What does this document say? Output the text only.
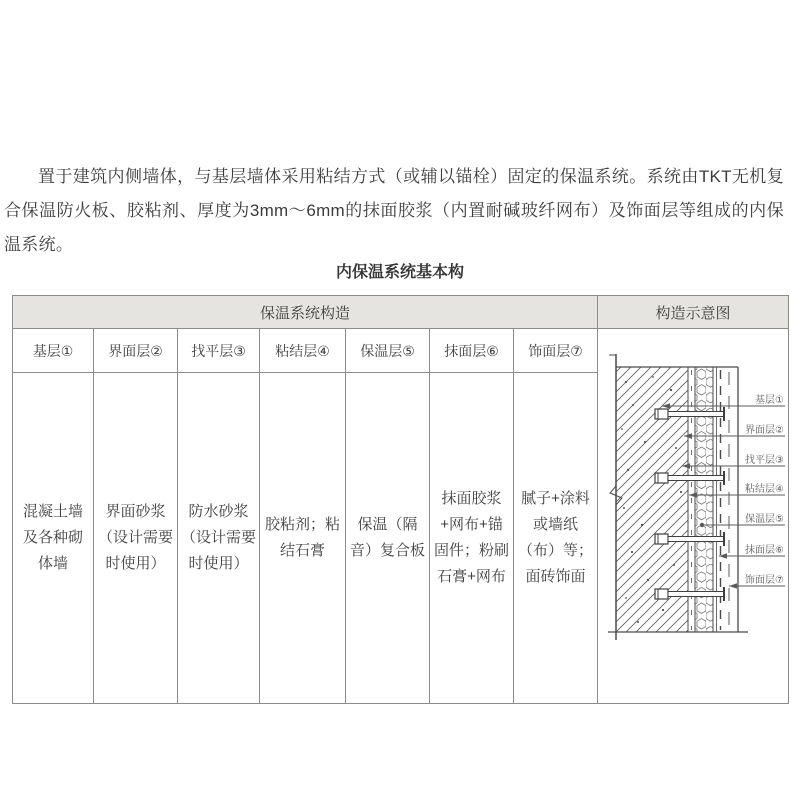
置于建筑内侧墙体，与基层墙体采用粘结方式（或辅以锚栓）固定的保温系统。系统由TKT无机复合保温防火板、胶粘剂、厚度为3mm～6mm的抹面胶浆（内置耐碱玻纤网布）及饰面层等组成的内保温系统。

内保温系统基本构
保温系统构造							构造示意图
基层①	界面层②	找平层③	粘结层④	保温层⑤	抹面层⑥	饰面层⑦	
基层①
界面层②
找平层③
粘结层④
保温层⑤
抹面层⑥
饰面层⑦

混凝土墙及各种砌体墙	界面砂浆（设计需要时使用）	防水砂浆（设计需要时使用）	胶粘剂；粘结石膏	保温（隔音）复合板	抹面胶浆+网布+锚固件；粉刷石膏+网布	腻子+涂料或墙纸（布）等；面砖饰面	
